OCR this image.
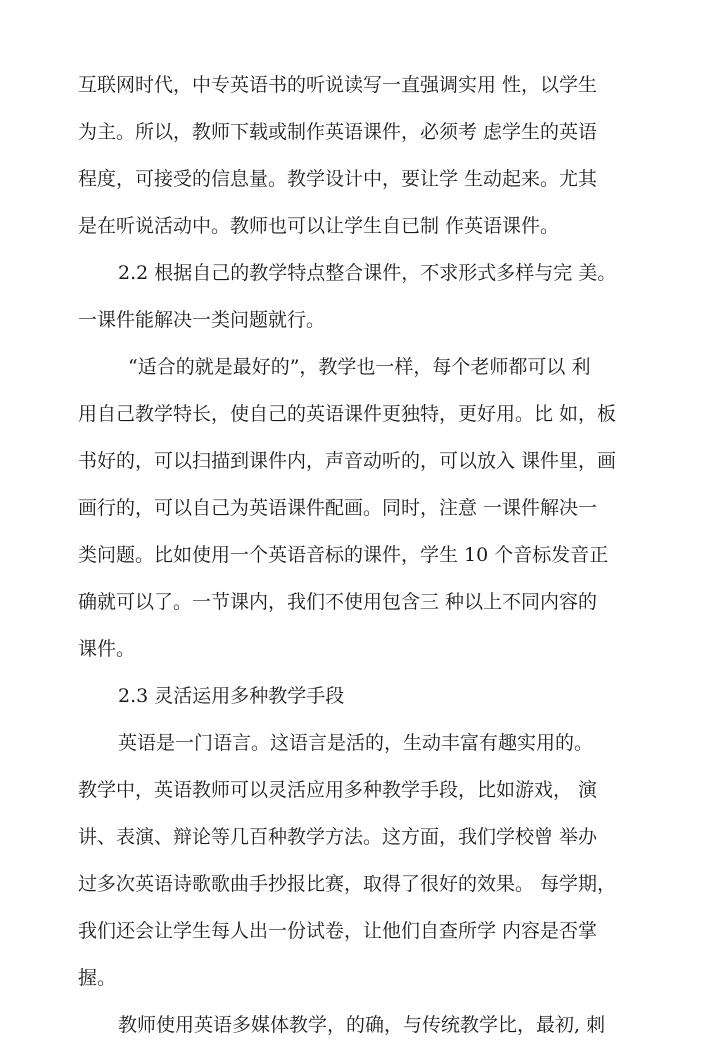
互联网时代，中专英语书的听说读写一直强调实用 性，以学生
为主。所以，教师下载或制作英语课件，必须考 虑学生的英语
程度，可接受的信息量。教学设计中，要让学 生动起来。尤其
是在听说活动中。教师也可以让学生自已制 作英语课件。
2.2 根据自己的教学特点整合课件，不求形式多样与完 美。
一课件能解决一类问题就行。
“适合的就是最好的”，教学也一样，每个老师都可以 利
用自己教学特长，使自己的英语课件更独特，更好用。比 如，板
书好的，可以扫描到课件内，声音动听的，可以放入 课件里，画
画行的，可以自己为英语课件配画。同时，注意 一课件解决一
类问题。比如使用一个英语音标的课件，学生 10 个音标发音正
确就可以了。一节课内，我们不使用包含三 种以上不同内容的
课件。
2.3 灵活运用多种教学手段
英语是一门语言。这语言是活的，生动丰富有趣实用的。
教学中，英语教师可以灵活应用多种教学手段，比如游戏， 演
讲、表演、辩论等几百种教学方法。这方面，我们学校曾 举办
过多次英语诗歌歌曲手抄报比赛，取得了很好的效果。 每学期，
我们还会让学生每人出一份试卷，让他们自查所学 内容是否掌
握。
教师使用英语多媒体教学，的确，与传统教学比，最初, 刺
